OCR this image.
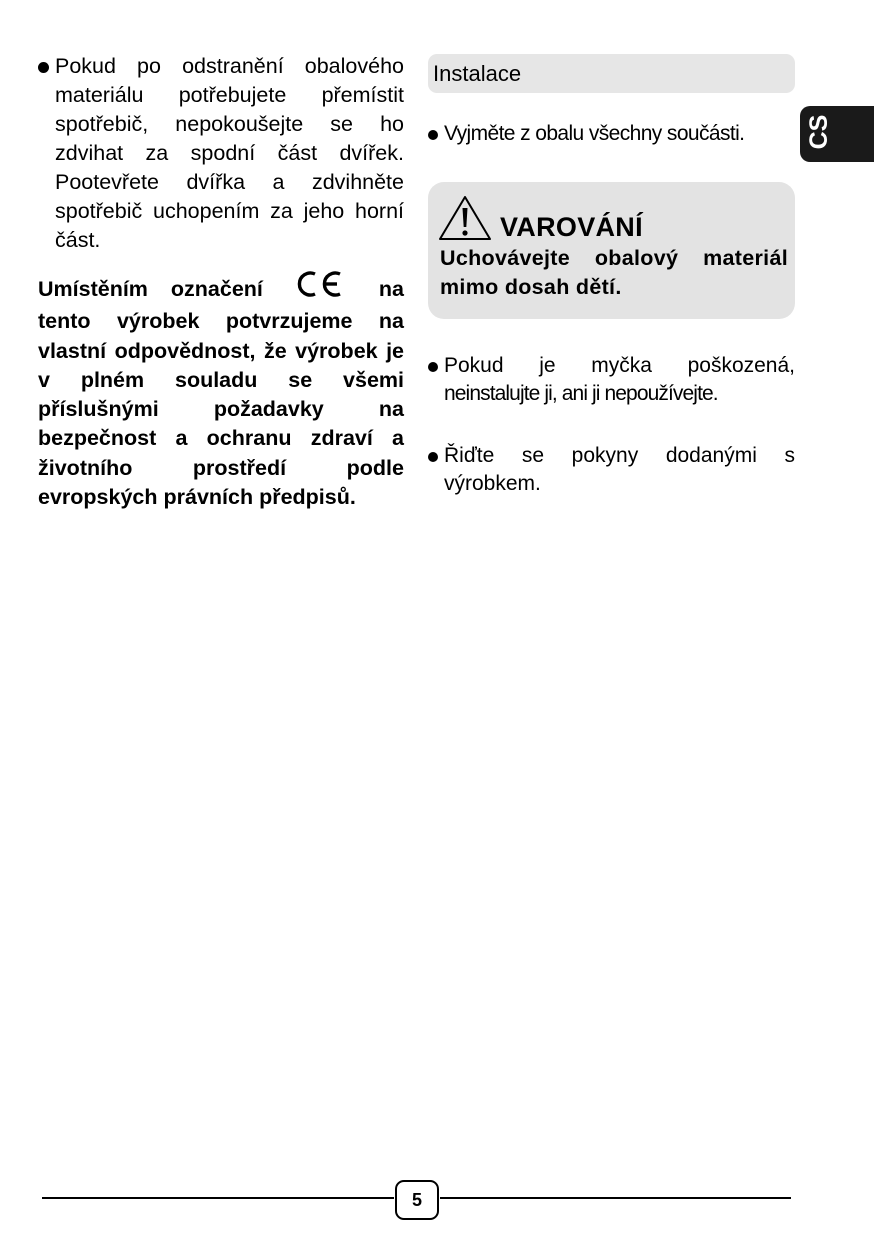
Pokud po odstranění obalového materiálu potřebujete přemístit spotřebič, nepokoušejte se ho zdvihat za spodní část dvířek. Pootevřete dvířka a zdvihněte spotřebič uchopením za jeho horní část.
Umístěním označení	na tento výrobek potvrzujeme na vlastní odpovědnost, že výrobek je v plném souladu se všemi příslušnými požadavky na bezpečnost a ochranu zdraví a životního prostředí podle evropských právních předpisů.
Instalace
Vyjměte z obalu všechny součásti.
VAROVÁNÍ
Uchovávejte obalový materiál mimo dosah dětí.
Pokud je myčka poškozená,
neinstalujte ji, ani ji nepoužívejte.
Řiďte se pokyny dodanými s
výrobkem.
CS
5
